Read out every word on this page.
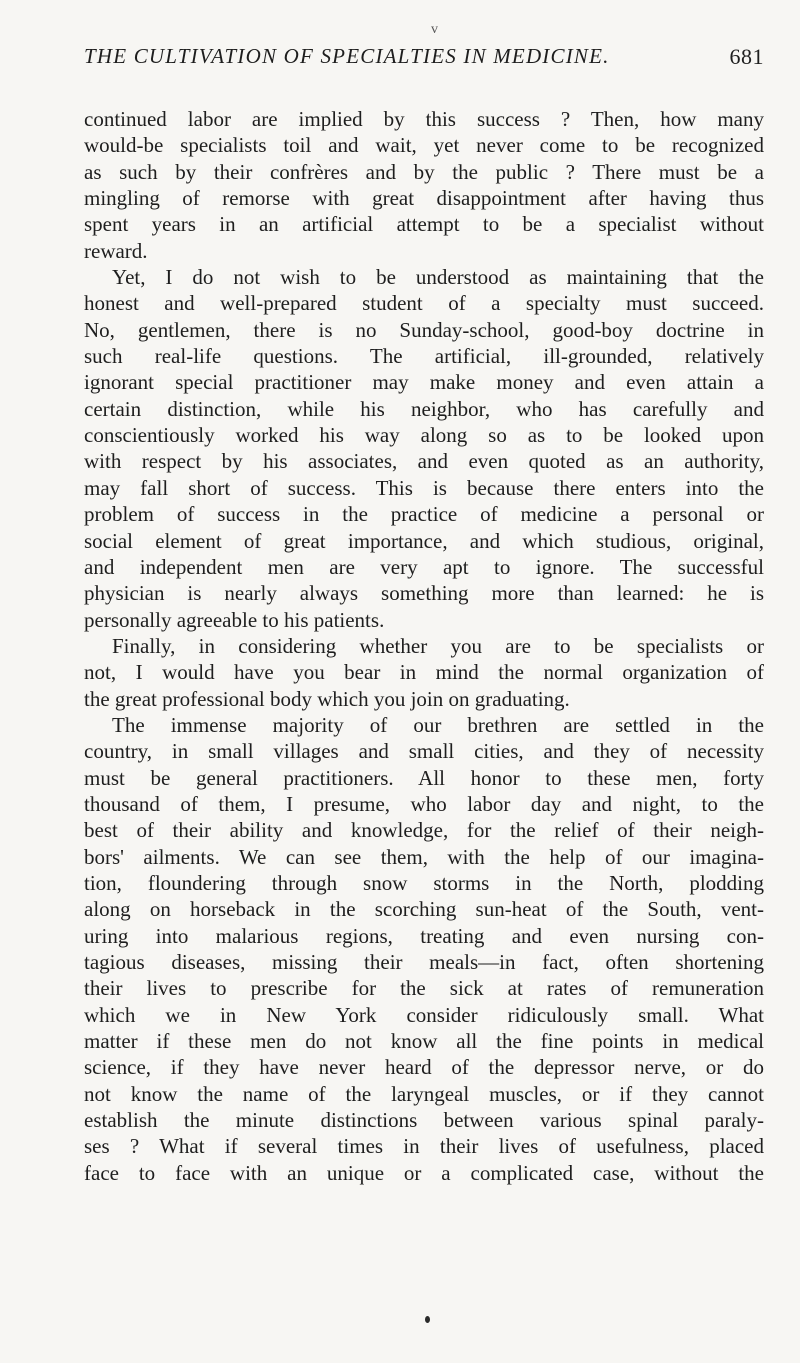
v
THE CULTIVATION OF SPECIALTIES IN MEDICINE.	681
continued labor are implied by this success ? Then, how many
would-be specialists toil and wait, yet never come to be recognized
as such by their confrères and by the public ? There must be a
mingling of remorse with great disappointment after having thus
spent years in an artificial attempt to be a specialist without
reward.
Yet, I do not wish to be understood as maintaining that the
honest and well-prepared student of a specialty must succeed.
No, gentlemen, there is no Sunday-school, good-boy doctrine in
such real-life questions. The artificial, ill-grounded, relatively
ignorant special practitioner may make money and even attain a
certain distinction, while his neighbor, who has carefully and
conscientiously worked his way along so as to be looked upon
with respect by his associates, and even quoted as an authority,
may fall short of success. This is because there enters into the
problem of success in the practice of medicine a personal or
social element of great importance, and which studious, original,
and independent men are very apt to ignore. The successful
physician is nearly always something more than learned: he is
personally agreeable to his patients.
Finally, in considering whether you are to be specialists or
not, I would have you bear in mind the normal organization of
the great professional body which you join on graduating.
The immense majority of our brethren are settled in the
country, in small villages and small cities, and they of necessity
must be general practitioners. All honor to these men, forty
thousand of them, I presume, who labor day and night, to the
best of their ability and knowledge, for the relief of their neigh-
bors' ailments. We can see them, with the help of our imagina-
tion, floundering through snow storms in the North, plodding
along on horseback in the scorching sun-heat of the South, vent-
uring into malarious regions, treating and even nursing con-
tagious diseases, missing their meals—in fact, often shortening
their lives to prescribe for the sick at rates of remuneration
which we in New York consider ridiculously small. What
matter if these men do not know all the fine points in medical
science, if they have never heard of the depressor nerve, or do
not know the name of the laryngeal muscles, or if they cannot
establish the minute distinctions between various spinal paraly-
ses ? What if several times in their lives of usefulness, placed
face to face with an unique or a complicated case, without the
